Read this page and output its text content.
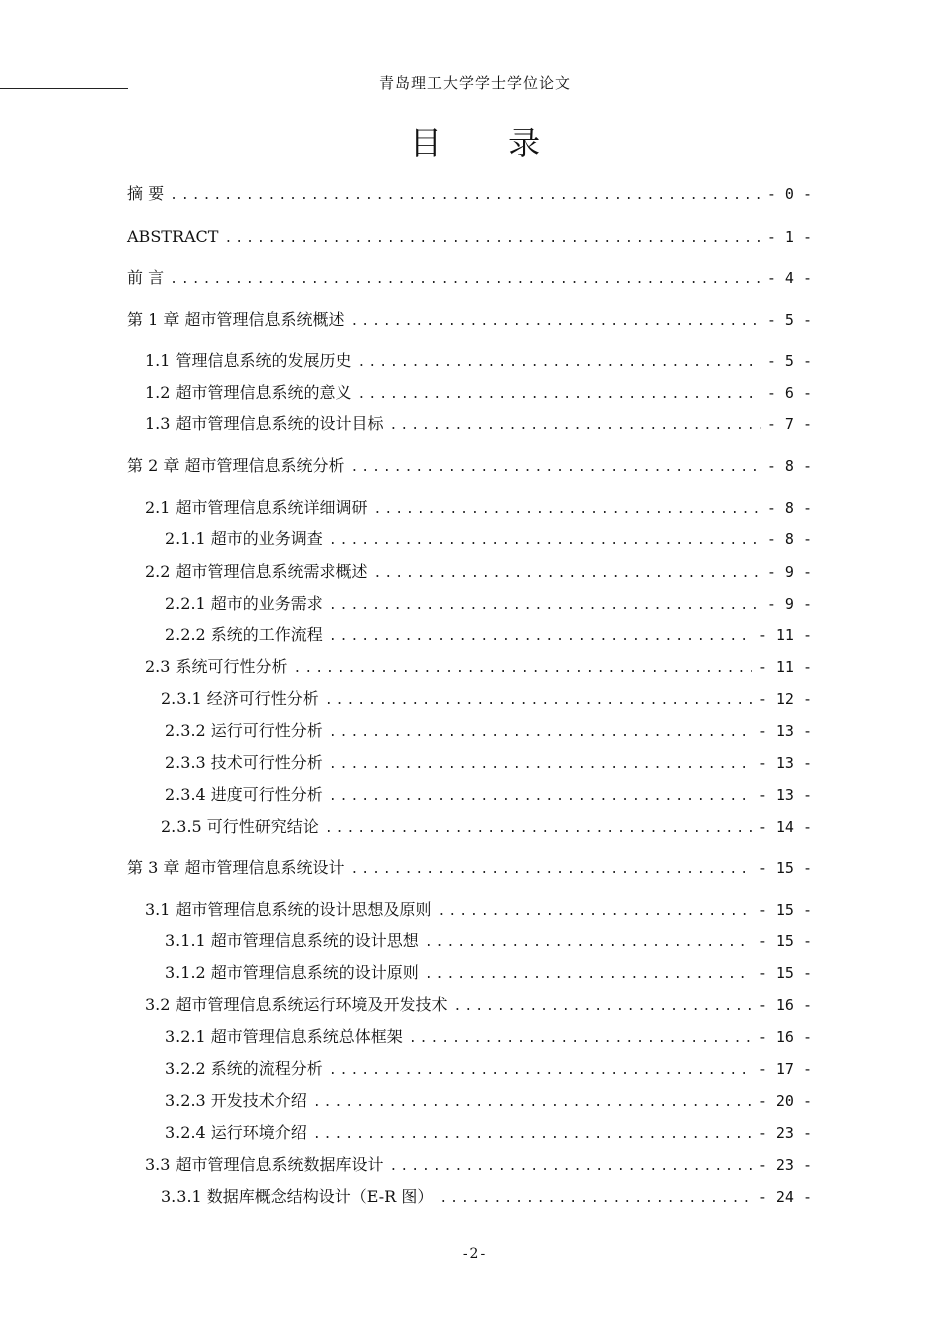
青岛理工大学学士学位论文
目 录
摘 要 .....	- 0 -
ABSTRACT .....	- 1 -
前 言 .....	- 4 -
第 1 章 超市管理信息系统概述 .....	- 5 -
1.1 管理信息系统的发展历史 .....	- 5 -
1.2 超市管理信息系统的意义 .....	- 6 -
1.3 超市管理信息系统的设计目标 .....	- 7 -
第 2 章 超市管理信息系统分析 .....	- 8 -
2.1 超市管理信息系统详细调研 .....	- 8 -
2.1.1 超市的业务调查 .....	- 8 -
2.2 超市管理信息系统需求概述 .....	- 9 -
2.2.1 超市的业务需求 .....	- 9 -
2.2.2 系统的工作流程 .....	- 11 -
2.3 系统可行性分析 .....	- 11 -
2.3.1 经济可行性分析 .....	- 12 -
2.3.2 运行可行性分析 .....	- 13 -
2.3.3 技术可行性分析 .....	- 13 -
2.3.4 进度可行性分析 .....	- 13 -
2.3.5 可行性研究结论 .....	- 14 -
第 3 章 超市管理信息系统设计 .....	- 15 -
3.1 超市管理信息系统的设计思想及原则 .....	- 15 -
3.1.1 超市管理信息系统的设计思想 .....	- 15 -
3.1.2 超市管理信息系统的设计原则 .....	- 15 -
3.2 超市管理信息系统运行环境及开发技术 .....	- 16 -
3.2.1 超市管理信息系统总体框架 .....	- 16 -
3.2.2 系统的流程分析 .....	- 17 -
3.2.3 开发技术介绍 .....	- 20 -
3.2.4 运行环境介绍 .....	- 23 -
3.3 超市管理信息系统数据库设计 .....	- 23 -
3.3.1 数据库概念结构设计（E-R 图） .....	- 24 -
-2-
